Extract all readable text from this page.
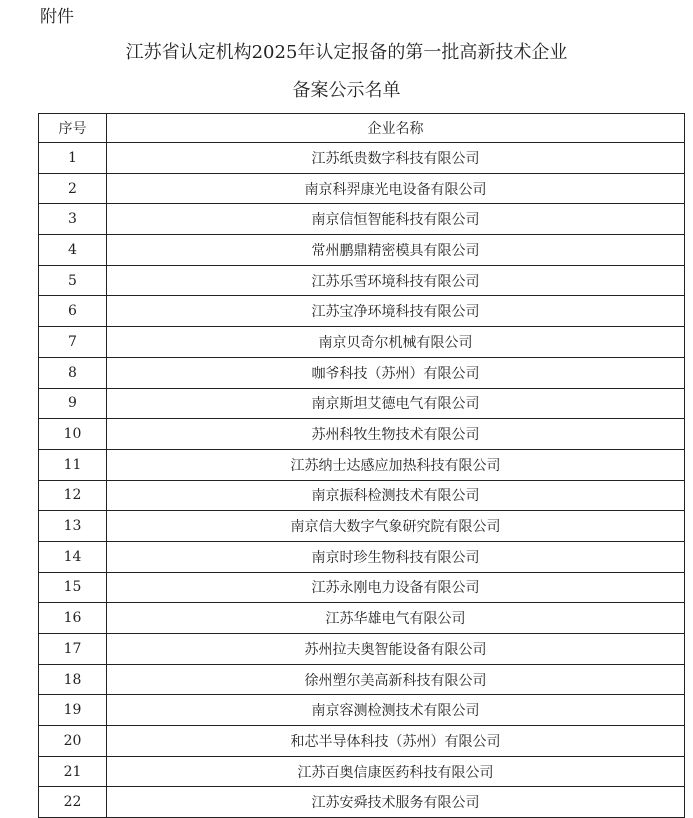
附件
江苏省认定机构2025年认定报备的第一批高新技术企业
备案公示名单
序号	企业名称
1	江苏纸贵数字科技有限公司
2	南京科羿康光电设备有限公司
3	南京信恒智能科技有限公司
4	常州鹏鼎精密模具有限公司
5	江苏乐雪环境科技有限公司
6	江苏宝净环境科技有限公司
7	南京贝奇尔机械有限公司
8	咖爷科技（苏州）有限公司
9	南京斯坦艾德电气有限公司
10	苏州科牧生物技术有限公司
11	江苏纳士达感应加热科技有限公司
12	南京振科检测技术有限公司
13	南京信大数字气象研究院有限公司
14	南京时珍生物科技有限公司
15	江苏永刚电力设备有限公司
16	江苏华雄电气有限公司
17	苏州拉夫奥智能设备有限公司
18	徐州塑尔美高新科技有限公司
19	南京容测检测技术有限公司
20	和芯半导体科技（苏州）有限公司
21	江苏百奥信康医药科技有限公司
22	江苏安舜技术服务有限公司
